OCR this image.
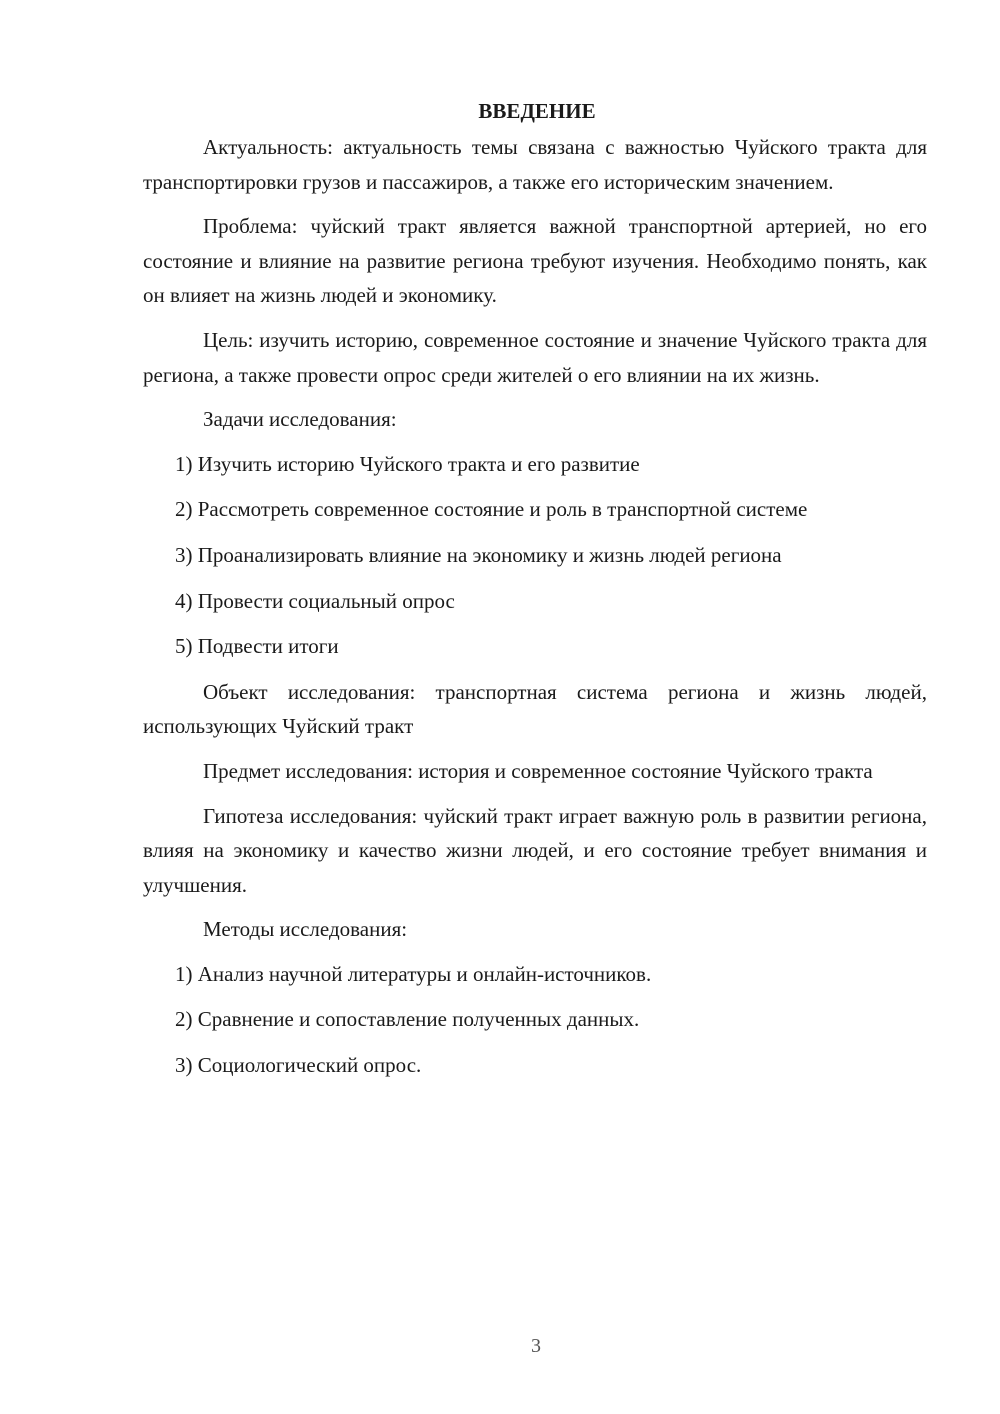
ВВЕДЕНИЕ

Актуальность: актуальность темы связана с важностью Чуйского тракта для транспортировки грузов и пассажиров, а также его историческим значением.

Проблема: чуйский тракт является важной транспортной артерией, но его состояние и влияние на развитие региона требуют изучения. Необходимо понять, как он влияет на жизнь людей и экономику.

Цель: изучить историю, современное состояние и значение Чуйского тракта для региона, а также провести опрос среди жителей о его влиянии на их жизнь.

Задачи исследования:

1) Изучить историю Чуйского тракта и его развитие
2) Рассмотреть современное состояние и роль в транспортной системе
3) Проанализировать влияние на экономику и жизнь людей региона
4) Провести социальный опрос
5) Подвести итоги

Объект исследования: транспортная система региона и жизнь людей, использующих Чуйский тракт

Предмет исследования: история и современное состояние Чуйского тракта

Гипотеза исследования: чуйский тракт играет важную роль в развитии региона, влияя на экономику и качество жизни людей, и его состояние требует внимания и улучшения.

Методы исследования:

1) Анализ научной литературы и онлайн-источников.
2) Сравнение и сопоставление полученных данных.
3) Социологический опрос.
3
